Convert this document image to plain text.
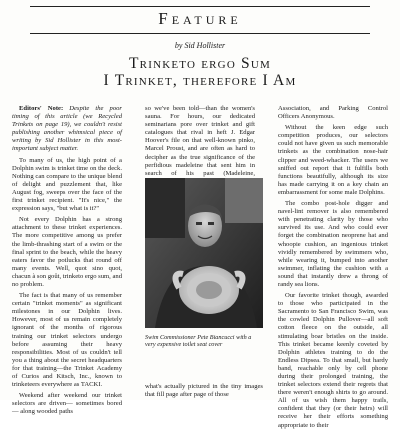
Feature
by Sid Hollister
Trinketo ergo Sum
I Trinket, therefore I Am

Editors' Note: Despite the poor timing of this article (we Recycled Trinkets on page 19), we couldn't resist publishing another whimsical piece of writing by Sid Hollister in this most-important subject matter.

To many of us, the high point of a Dolphin swim is trinket time on the deck. Nothing can compare to the unique blend of delight and puzzlement that, like August fog, sweeps over the face of the first trinket recipient. "It's nice," the expression says, "but what is it?"

Not every Dolphin has a strong attachment to these trinket experiences. The more competitive among us prefer the limb-thrashing start of a swim or the final sprint to the beach, while the heavy eaters favor the potlucks that round off many events. Well, quot sino quot, chacun à son goût, trinketo ergo sum, and no problem.

The fact is that many of us remember certain "trinket moments" as significant milestones in our Dolphin lives. However, most of us remain completely ignorant of the months of rigorous training our trinket selectors undergo before assuming their heavy responsibilities. Most of us couldn't tell you a thing about the secret headquarters for that training—the Trinket Academy of Curios and Kitsch, Inc., known to trinketeers everywhere as TACKI.

Weekend after weekend our trinket selectors are driven— sometimes bored— along wooded paths

so we've been told—than the women's sauna. For hours, our dedicated seminarians pore over trinket and gift catalogues that rival in heft J. Edgar Hoover's file on that well-known pinko, Marcel Proust, and are often as hard to decipher as the true significance of the perfidious madeleine that sent him in search of his past (Madeleine,

Swim Commissioner Pete Biancucci with a very expensive toilet seat cover

what's actually pictured in the tiny images that fill page after page of those

Association, and Parking Control Officers Anonymous.

Without the keen edge such competition produces, our selectors could not have given us such memorable trinkets as the combination nose-hair clipper and weed-whacker. The users we sniffed out report that it fulfills both functions beautifully, although its size has made carrying it on a key chain an embarrassment for some male Dolphins.

The combo post-hole digger and navel-lint remover is also remembered with penetrating clarity by those who survived its use. And who could ever forget the combination neoprene hat and whoopie cushion, an ingenious trinket vividly remembered by swimmers who, while wearing it, bumped into another swimmer, inflating the cushion with a sound that instantly drew a throng of randy sea lions.

Our favorite trinket though, awarded to those who participated in the Sacramento to San Francisco Swim, was the cowled Dolphin Pullover—all soft cotton fleece on the outside, all stimulating boar bristles on the inside. This trinket became keenly coveted by Dolphin athletes training to do the Endless Dipsea. To that small, but hardy band, reachable only by cell phone during their prolonged training, the trinket selectors extend their regrets that there weren't enough shirts to go around. All of us wish them happy trails, confident that they (or their heirs) will receive her their efforts something appropriate to their
